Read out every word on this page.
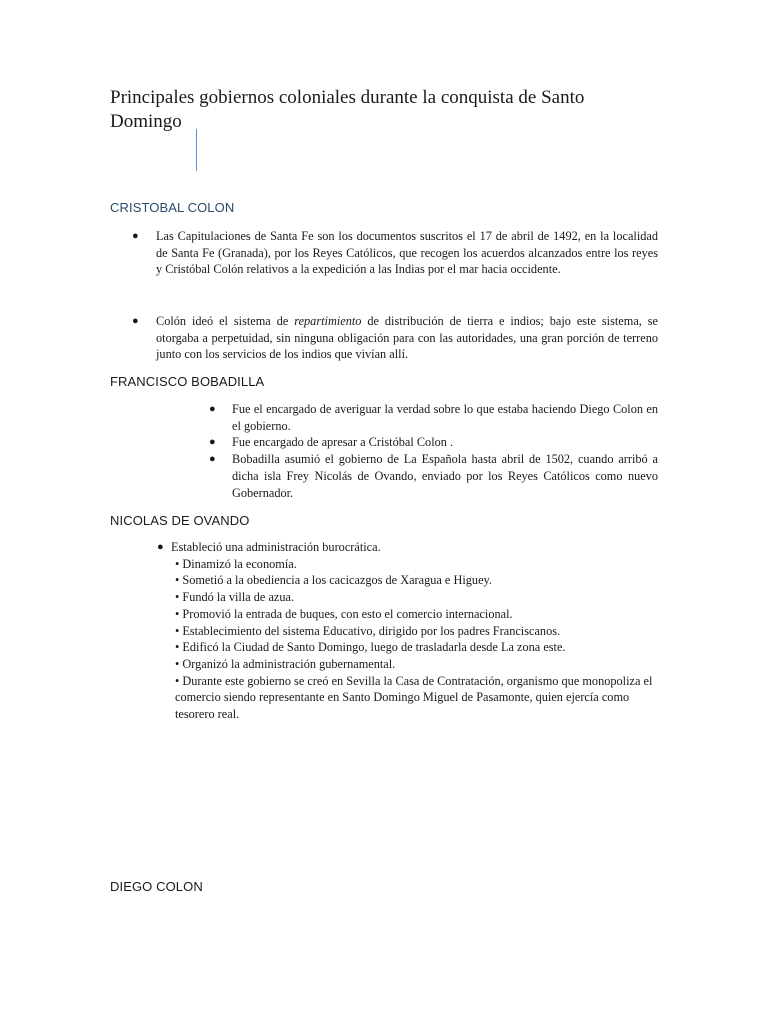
Principales gobiernos coloniales durante la conquista de Santo Domingo
CRISTOBAL COLON
● Las Capitulaciones de Santa Fe son los documentos suscritos el 17 de abril de 1492, en la localidad de Santa Fe (Granada), por los Reyes Católicos, que recogen los acuerdos alcanzados entre los reyes y Cristóbal Colón relativos a la expedición a las Indias por el mar hacia occidente.
● Colón ideó el sistema de repartimiento de distribución de tierra e indios; bajo este sistema, se otorgaba a perpetuidad, sin ninguna obligación para con las autoridades, una gran porción de terreno junto con los servicios de los indios que vivían allí.
FRANCISCO BOBADILLA
● Fue el encargado de averiguar la verdad sobre lo que estaba haciendo Diego Colon en el gobierno.
● Fue encargado de apresar a Cristóbal Colon .
● Bobadilla asumió el gobierno de La Española hasta abril de 1502, cuando arribó a dicha isla Frey Nicolás de Ovando, enviado por los Reyes Católicos como nuevo Gobernador.
NICOLAS DE OVANDO
● Estableció una administración burocrática.
• Dinamizó la economía.
• Sometió a la obediencia a los cacicazgos de Xaragua e Higuey.
• Fundó la villa de azua.
• Promovió la entrada de buques, con esto el comercio internacional.
• Establecimiento del sistema Educativo, dirigido por los padres Franciscanos.
• Edificó la Ciudad de Santo Domingo, luego de trasladarla desde La zona este.
• Organizó la administración gubernamental.
• Durante este gobierno se creó en Sevilla la Casa de Contratación, organismo que monopoliza el comercio siendo representante en Santo Domingo Miguel de Pasamonte, quien ejercía como tesorero real.
DIEGO COLON
